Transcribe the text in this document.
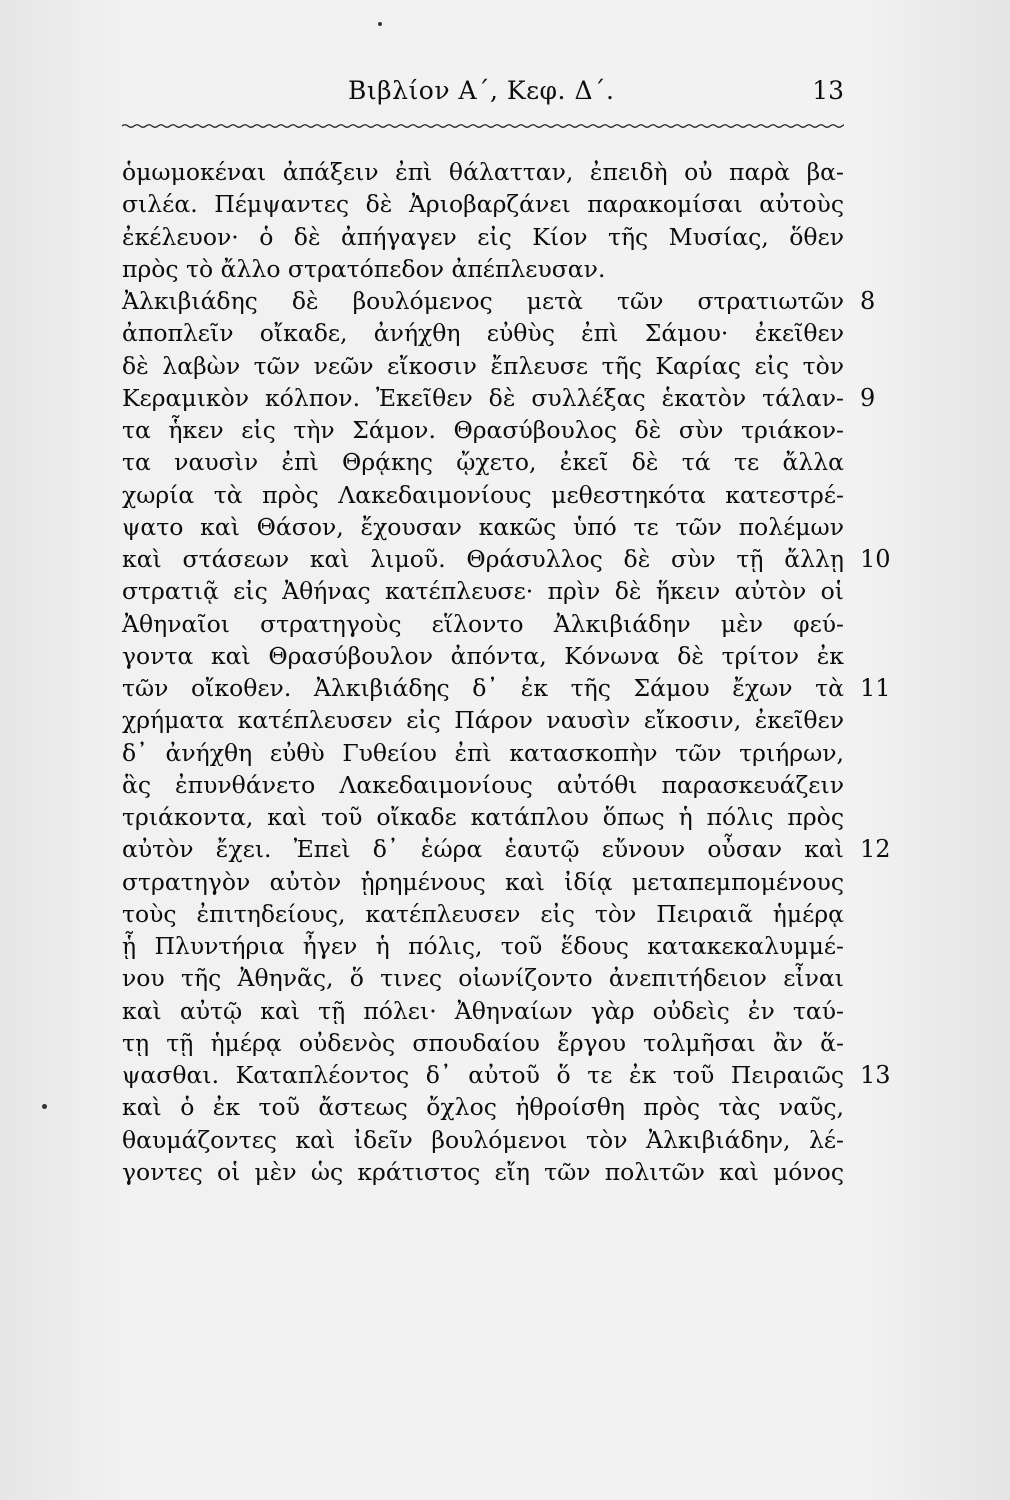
Βιβλίον Α΄, Κεφ. Δ΄.	13
ὁμωμοκέναι ἀπάξειν ἐπὶ θάλατταν, ἐπειδὴ οὐ παρὰ βα-
σιλέα. Πέμψαντες δὲ Ἀριοβαρζάνει παρακομίσαι αὐτοὺς
ἐκέλευον· ὁ δὲ ἀπήγαγεν εἰς Κίον τῆς Μυσίας, ὅθεν
πρὸς τὸ ἄλλο στρατόπεδον ἀπέπλευσαν.
Ἀλκιβιάδης δὲ βουλόμενος μετὰ τῶν στρατιωτῶν
ἀποπλεῖν οἴκαδε, ἀνήχθη εὐθὺς ἐπὶ Σάμου· ἐκεῖθεν
δὲ λαβὼν τῶν νεῶν εἴκοσιν ἔπλευσε τῆς Καρίας εἰς τὸν
Κεραμικὸν κόλπον. Ἐκεῖθεν δὲ συλλέξας ἑκατὸν τάλαν-
τα ἧκεν εἰς τὴν Σάμον. Θρασύβουλος δὲ σὺν τριάκον-
τα ναυσὶν ἐπὶ Θρᾴκης ᾤχετο, ἐκεῖ δὲ τά τε ἄλλα
χωρία τὰ πρὸς Λακεδαιμονίους μεθεστηκότα κατεστρέ-
ψατο καὶ Θάσον, ἔχουσαν κακῶς ὑπό τε τῶν πολέμων
καὶ στάσεων καὶ λιμοῦ. Θράσυλλος δὲ σὺν τῇ ἄλλῃ
στρατιᾷ εἰς Ἀθήνας κατέπλευσε· πρὶν δὲ ἥκειν αὐτὸν οἱ
Ἀθηναῖοι στρατηγοὺς εἵλοντο Ἀλκιβιάδην μὲν φεύ-
γοντα καὶ Θρασύβουλον ἀπόντα, Κόνωνα δὲ τρίτον ἐκ
τῶν οἴκοθεν. Ἀλκιβιάδης δ᾽ ἐκ τῆς Σάμου ἔχων τὰ
χρήματα κατέπλευσεν εἰς Πάρον ναυσὶν εἴκοσιν, ἐκεῖθεν
δ᾽ ἀνήχθη εὐθὺ Γυθείου ἐπὶ κατασκοπὴν τῶν τριήρων,
ἃς ἐπυνθάνετο Λακεδαιμονίους αὐτόθι παρασκευάζειν
τριάκοντα, καὶ τοῦ οἴκαδε κατάπλου ὅπως ἡ πόλις πρὸς
αὐτὸν ἔχει. Ἐπεὶ δ᾽ ἑώρα ἑαυτῷ εὔνουν οὖσαν καὶ
στρατηγὸν αὐτὸν ᾑρημένους καὶ ἰδίᾳ μεταπεμπομένους
τοὺς ἐπιτηδείους, κατέπλευσεν εἰς τὸν Πειραιᾶ ἡμέρᾳ
ᾗ Πλυντήρια ἦγεν ἡ πόλις, τοῦ ἕδους κατακεκαλυμμέ-
νου τῆς Ἀθηνᾶς, ὅ τινες οἰωνίζοντο ἀνεπιτήδειον εἶναι
καὶ αὐτῷ καὶ τῇ πόλει· Ἀθηναίων γὰρ οὐδεὶς ἐν ταύ-
τῃ τῇ ἡμέρᾳ οὐδενὸς σπουδαίου ἔργου τολμῆσαι ἂν ἅ-
ψασθαι. Καταπλέοντος δ᾽ αὐτοῦ ὅ τε ἐκ τοῦ Πειραιῶς
καὶ ὁ ἐκ τοῦ ἄστεως ὄχλος ἠθροίσθη πρὸς τὰς ναῦς,
θαυμάζοντες καὶ ἰδεῖν βουλόμενοι τὸν Ἀλκιβιάδην, λέ-
γοντες οἱ μὲν ὡς κράτιστος εἴη τῶν πολιτῶν καὶ μόνος
8
9
10
11
12
13
